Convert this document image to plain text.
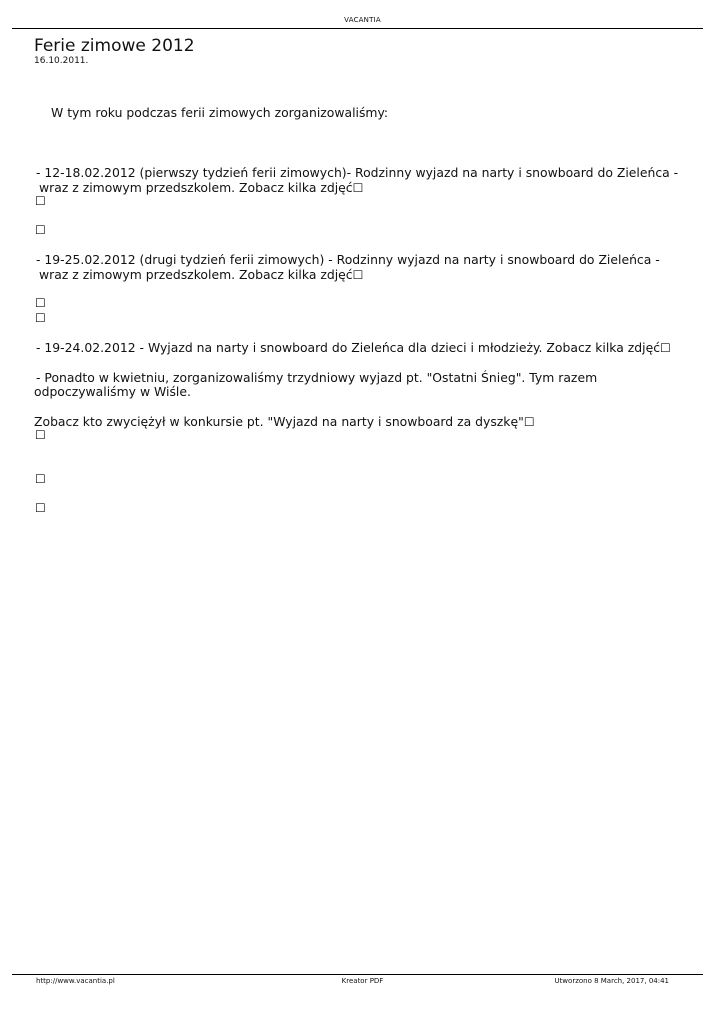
VACANTIA
Ferie zimowe 2012
16.10.2011.
W tym roku podczas ferii zimowych zorganizowaliśmy:
- 12-18.02.2012 (pierwszy tydzień ferii zimowych)- Rodzinny wyjazd na narty i snowboard do Zieleńca -
wraz z zimowym przedszkolem. Zobacz kilka zdjęć☐
☐
☐
- 19-25.02.2012 (drugi tydzień ferii zimowych) - Rodzinny wyjazd na narty i snowboard do Zieleńca -
wraz z zimowym przedszkolem. Zobacz kilka zdjęć☐
☐
☐
- 19-24.02.2012 - Wyjazd na narty i snowboard do Zieleńca dla dzieci i młodzieży. Zobacz kilka zdjęć☐
- Ponadto w kwietniu, zorganizowaliśmy trzydniowy wyjazd pt. "Ostatni Śnieg". Tym razem
odpoczywaliśmy w Wiśle.
Zobacz kto zwyciężył w konkursie pt. "Wyjazd na narty i snowboard za dyszkę"☐
☐
☐
☐
http://www.vacantia.pl	Kreator PDF	Utworzono 8 March, 2017, 04:41
